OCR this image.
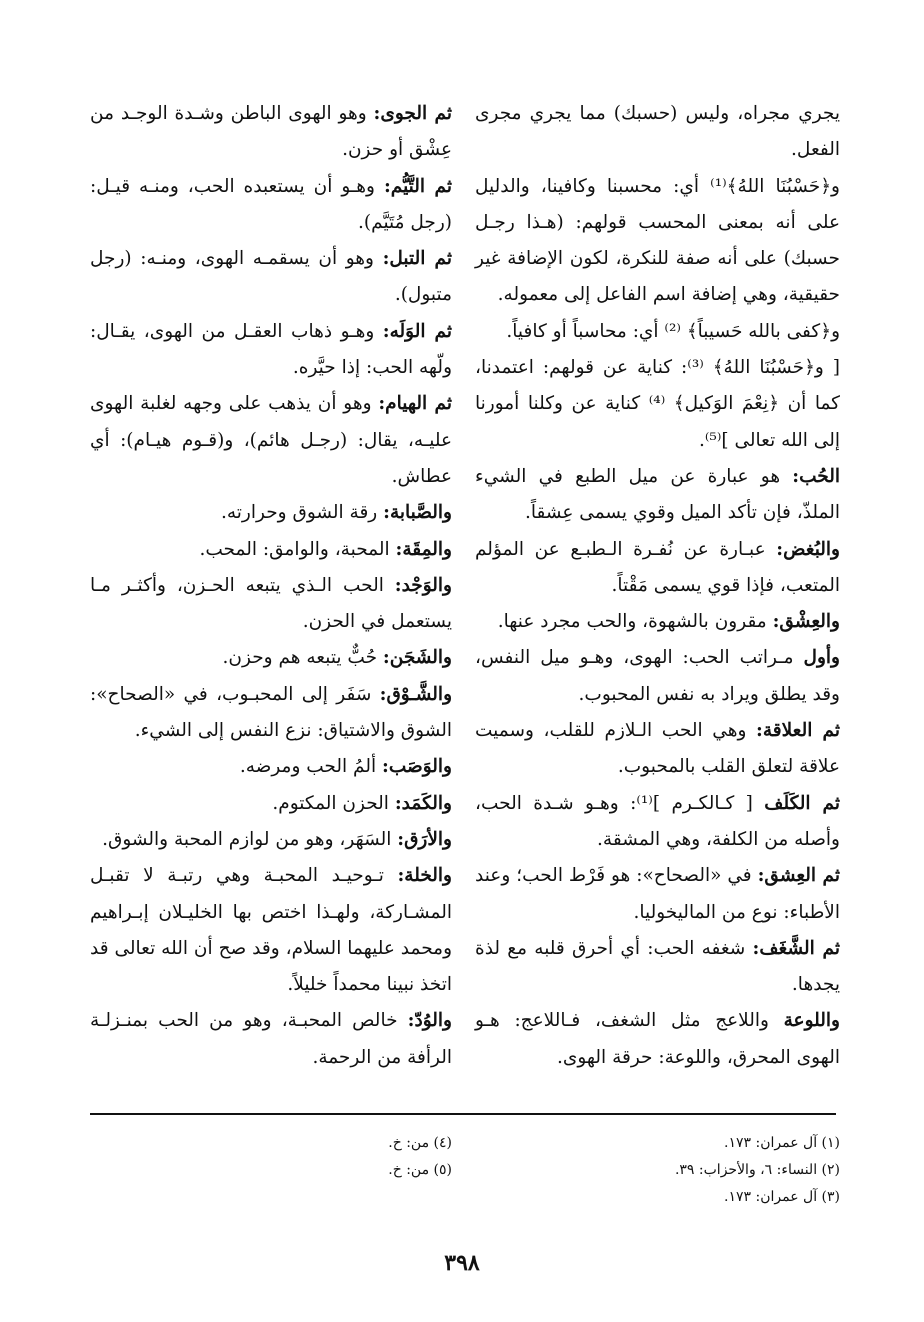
يجري مجراه، وليس (حسبك) مما يجري مجرى الفعل.

و﴿حَسْبُنَا اللهُ﴾⁽¹⁾ أي: محسبنا وكافينا، والدليل على أنه بمعنى المحسب قولهم: (هـذا رجـل حسبك) على أنه صفة للنكرة، لكون الإضافة غير حقيقية، وهي إضافة اسم الفاعل إلى معموله.

و﴿كفى بالله حَسيباً﴾ ⁽²⁾ أي: محاسباً أو كافياً.

[ و﴿حَسْبُنَا اللهُ﴾ ⁽³⁾: كناية عن قولهم: اعتمدنا، كما أن ﴿نِعْمَ الوَكيل﴾ ⁽⁴⁾ كناية عن وكلنا أمورنا إلى الله تعالى ]⁽⁵⁾.

الحُب: هو عبارة عن ميل الطبع في الشيء الملذّ، فإن تأكد الميل وقوي يسمى عِشقاً.

والبُغض: عبـارة عن نُفـرة الـطبـع عن المؤلم المتعب، فإذا قوي يسمى مَقْتاً.

والعِشْق: مقرون بالشهوة، والحب مجرد عنها.

وأول مـراتب الحب: الهوى، وهـو ميل النفس، وقد يطلق ويراد به نفس المحبوب.

ثم العلاقة: وهي الحب الـلازم للقلب، وسميت علاقة لتعلق القلب بالمحبوب.

ثم الكَلَف [ كـالكـرم ]⁽¹⁾: وهـو شـدة الحب، وأصله من الكلفة، وهي المشقة.

ثم العِشق: في «الصحاح»: هو فَرْط الحب؛ وعند الأطباء: نوع من الماليخوليا.

ثم الشَّغَف: شغفه الحب: أي أحرق قلبه مع لذة يجدها.

واللوعة واللاعج مثل الشغف، فـاللاعج: هـو الهوى المحرق، واللوعة: حرقة الهوى.

ثم الجوى: وهو الهوى الباطن وشـدة الوجـد من عِشْق أو حزن.

ثم التَّيُّم: وهـو أن يستعبده الحب، ومنـه قيـل: (رجل مُتَيَّم).

ثم التبل: وهو أن يسقمـه الهوى، ومنـه: (رجل متبول).

ثم الوَلَه: وهـو ذهاب العقـل من الهوى، يقـال: ولّهه الحب: إذا حيَّره.

ثم الهيام: وهو أن يذهب على وجهه لغلبة الهوى عليـه، يقال: (رجـل هائم)، و(قـوم هيـام): أي عطاش.

والصَّبابة: رقة الشوق وحرارته.

والمِقَة: المحبة، والوامق: المحب.

والوَجْد: الحب الـذي يتبعه الحـزن، وأكثـر مـا يستعمل في الحزن.

والشَجَن: حُبٌّ يتبعه هم وحزن.

والشَّـوْق: سَفَر إلى المحبـوب، في «الصحاح»: الشوق والاشتياق: نزع النفس إلى الشيء.

والوَصَب: ألمُ الحب ومرضه.

والكَمَد: الحزن المكتوم.

والأرَق: السَهَر، وهو من لوازم المحبة والشوق.

والخلة: تـوحيـد المحبـة وهي رتبـة لا تقبـل المشـاركة، ولهـذا اختص بها الخليـلان إبـراهيم ومحمد عليهما السلام، وقد صح أن الله تعالى قد اتخذ نبينا محمداً خليلاً.

والوُدّ: خالص المحبـة، وهو من الحب بمنـزلـة الرأفة من الرحمة.

(١) آل عمران: ١٧٣.

(٢) النساء: ٦، والأحزاب: ٣٩.

(٣) آل عمران: ١٧٣.

(٤) من: خ.

(٥) من: خ.

٣٩٨
